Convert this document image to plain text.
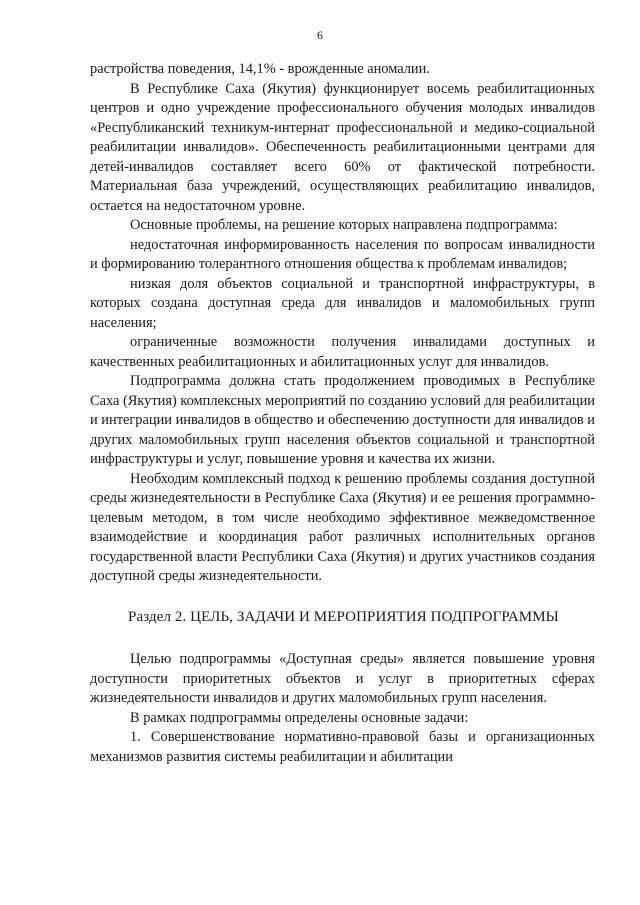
6

растройства поведения, 14,1% - врожденные аномалии.

В Республике Саха (Якутия) функционирует восемь реабилитационных центров и одно учреждение профессионального обучения молодых инвалидов «Республиканский техникум-интернат профессиональной и медико-социальной реабилитации инвалидов». Обеспеченность реабилитационными центрами для детей-инвалидов составляет всего 60% от фактической потребности. Материальная база учреждений, осуществляющих реабилитацию инвалидов, остается на недостаточном уровне.

Основные проблемы, на решение которых направлена подпрограмма:

недостаточная информированность населения по вопросам инвалидности и формированию толерантного отношения общества к проблемам инвалидов;

низкая доля объектов социальной и транспортной инфраструктуры, в которых создана доступная среда для инвалидов и маломобильных групп населения;

ограниченные возможности получения инвалидами доступных и качественных реабилитационных и абилитационных услуг для инвалидов.

Подпрограмма должна стать продолжением проводимых в Республике Саха (Якутия) комплексных мероприятий по созданию условий для реабилитации и интеграции инвалидов в общество и обеспечению доступности для инвалидов и других маломобильных групп населения объектов социальной и транспортной инфраструктуры и услуг, повышение уровня и качества их жизни.

Необходим комплексный подход к решению проблемы создания доступной среды жизнедеятельности в Республике Саха (Якутия) и ее решения программно-целевым методом, в том числе необходимо эффективное межведомственное взаимодействие и координация работ различных исполнительных органов государственной власти Республики Саха (Якутия) и других участников создания доступной среды жизнедеятельности.

Раздел 2. ЦЕЛЬ, ЗАДАЧИ И МЕРОПРИЯТИЯ ПОДПРОГРАММЫ

Целью подпрограммы «Доступная среды» является повышение уровня доступности приоритетных объектов и услуг в приоритетных сферах жизнедеятельности инвалидов и других маломобильных групп населения.

В рамках подпрограммы определены основные задачи:

1. Совершенствование нормативно-правовой базы и организационных механизмов развития системы реабилитации и абилитации
